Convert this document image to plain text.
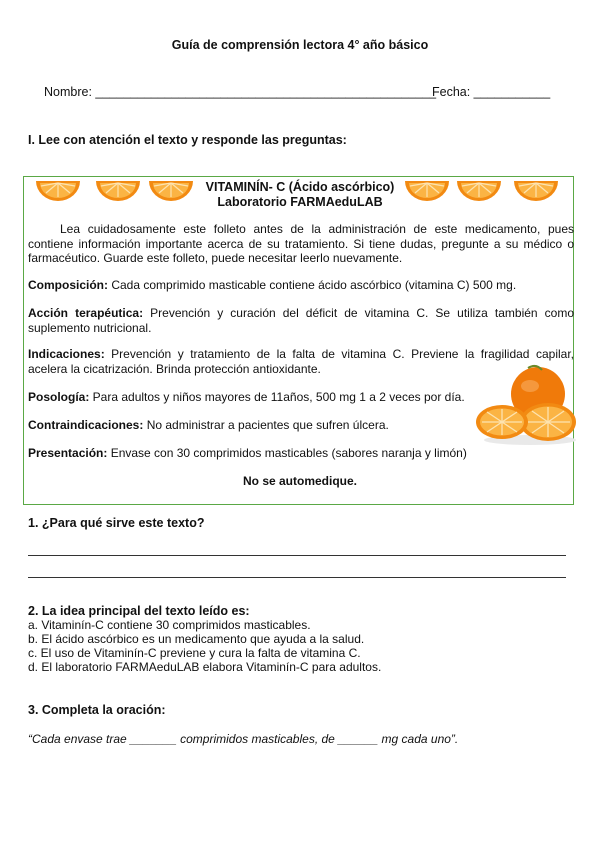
Guía de comprensión lectora 4° año básico
Nombre: _________________________________________________
Fecha: ___________
I. Lee con atención el texto y responde las preguntas:
VITAMINÍN- C (Ácido ascórbico)
Laboratorio FARMAeduLAB
Lea cuidadosamente este folleto antes de la administración de este medicamento, pues contiene información importante acerca de su tratamiento. Si tiene dudas, pregunte a su médico o farmacéutico. Guarde este folleto, puede necesitar leerlo nuevamente.
Composición: Cada comprimido masticable contiene ácido ascórbico (vitamina C) 500 mg.
Acción terapéutica: Prevención y curación del déficit de vitamina C. Se utiliza también como suplemento nutricional.
Indicaciones: Prevención y tratamiento de la falta de vitamina C. Previene la fragilidad capilar, acelera la cicatrización. Brinda protección antioxidante.
Posología: Para adultos y niños mayores de 11años, 500 mg 1 a 2 veces por día.
Contraindicaciones: No administrar a pacientes que sufren úlcera.
Presentación: Envase con 30 comprimidos masticables (sabores naranja y limón)
No se automedique.
1. ¿Para qué sirve este texto?
2. La idea principal del texto leído es:
a. Vitaminín-C contiene 30 comprimidos masticables.
b. El ácido ascórbico es un medicamento que ayuda a la salud.
c. El uso de Vitaminín-C previene y cura la falta de vitamina C.
d. El laboratorio FARMAeduLAB elabora Vitaminín-C para adultos.
3. Completa la oración:
“Cada envase trae _______ comprimidos masticables, de ______ mg cada uno”.
